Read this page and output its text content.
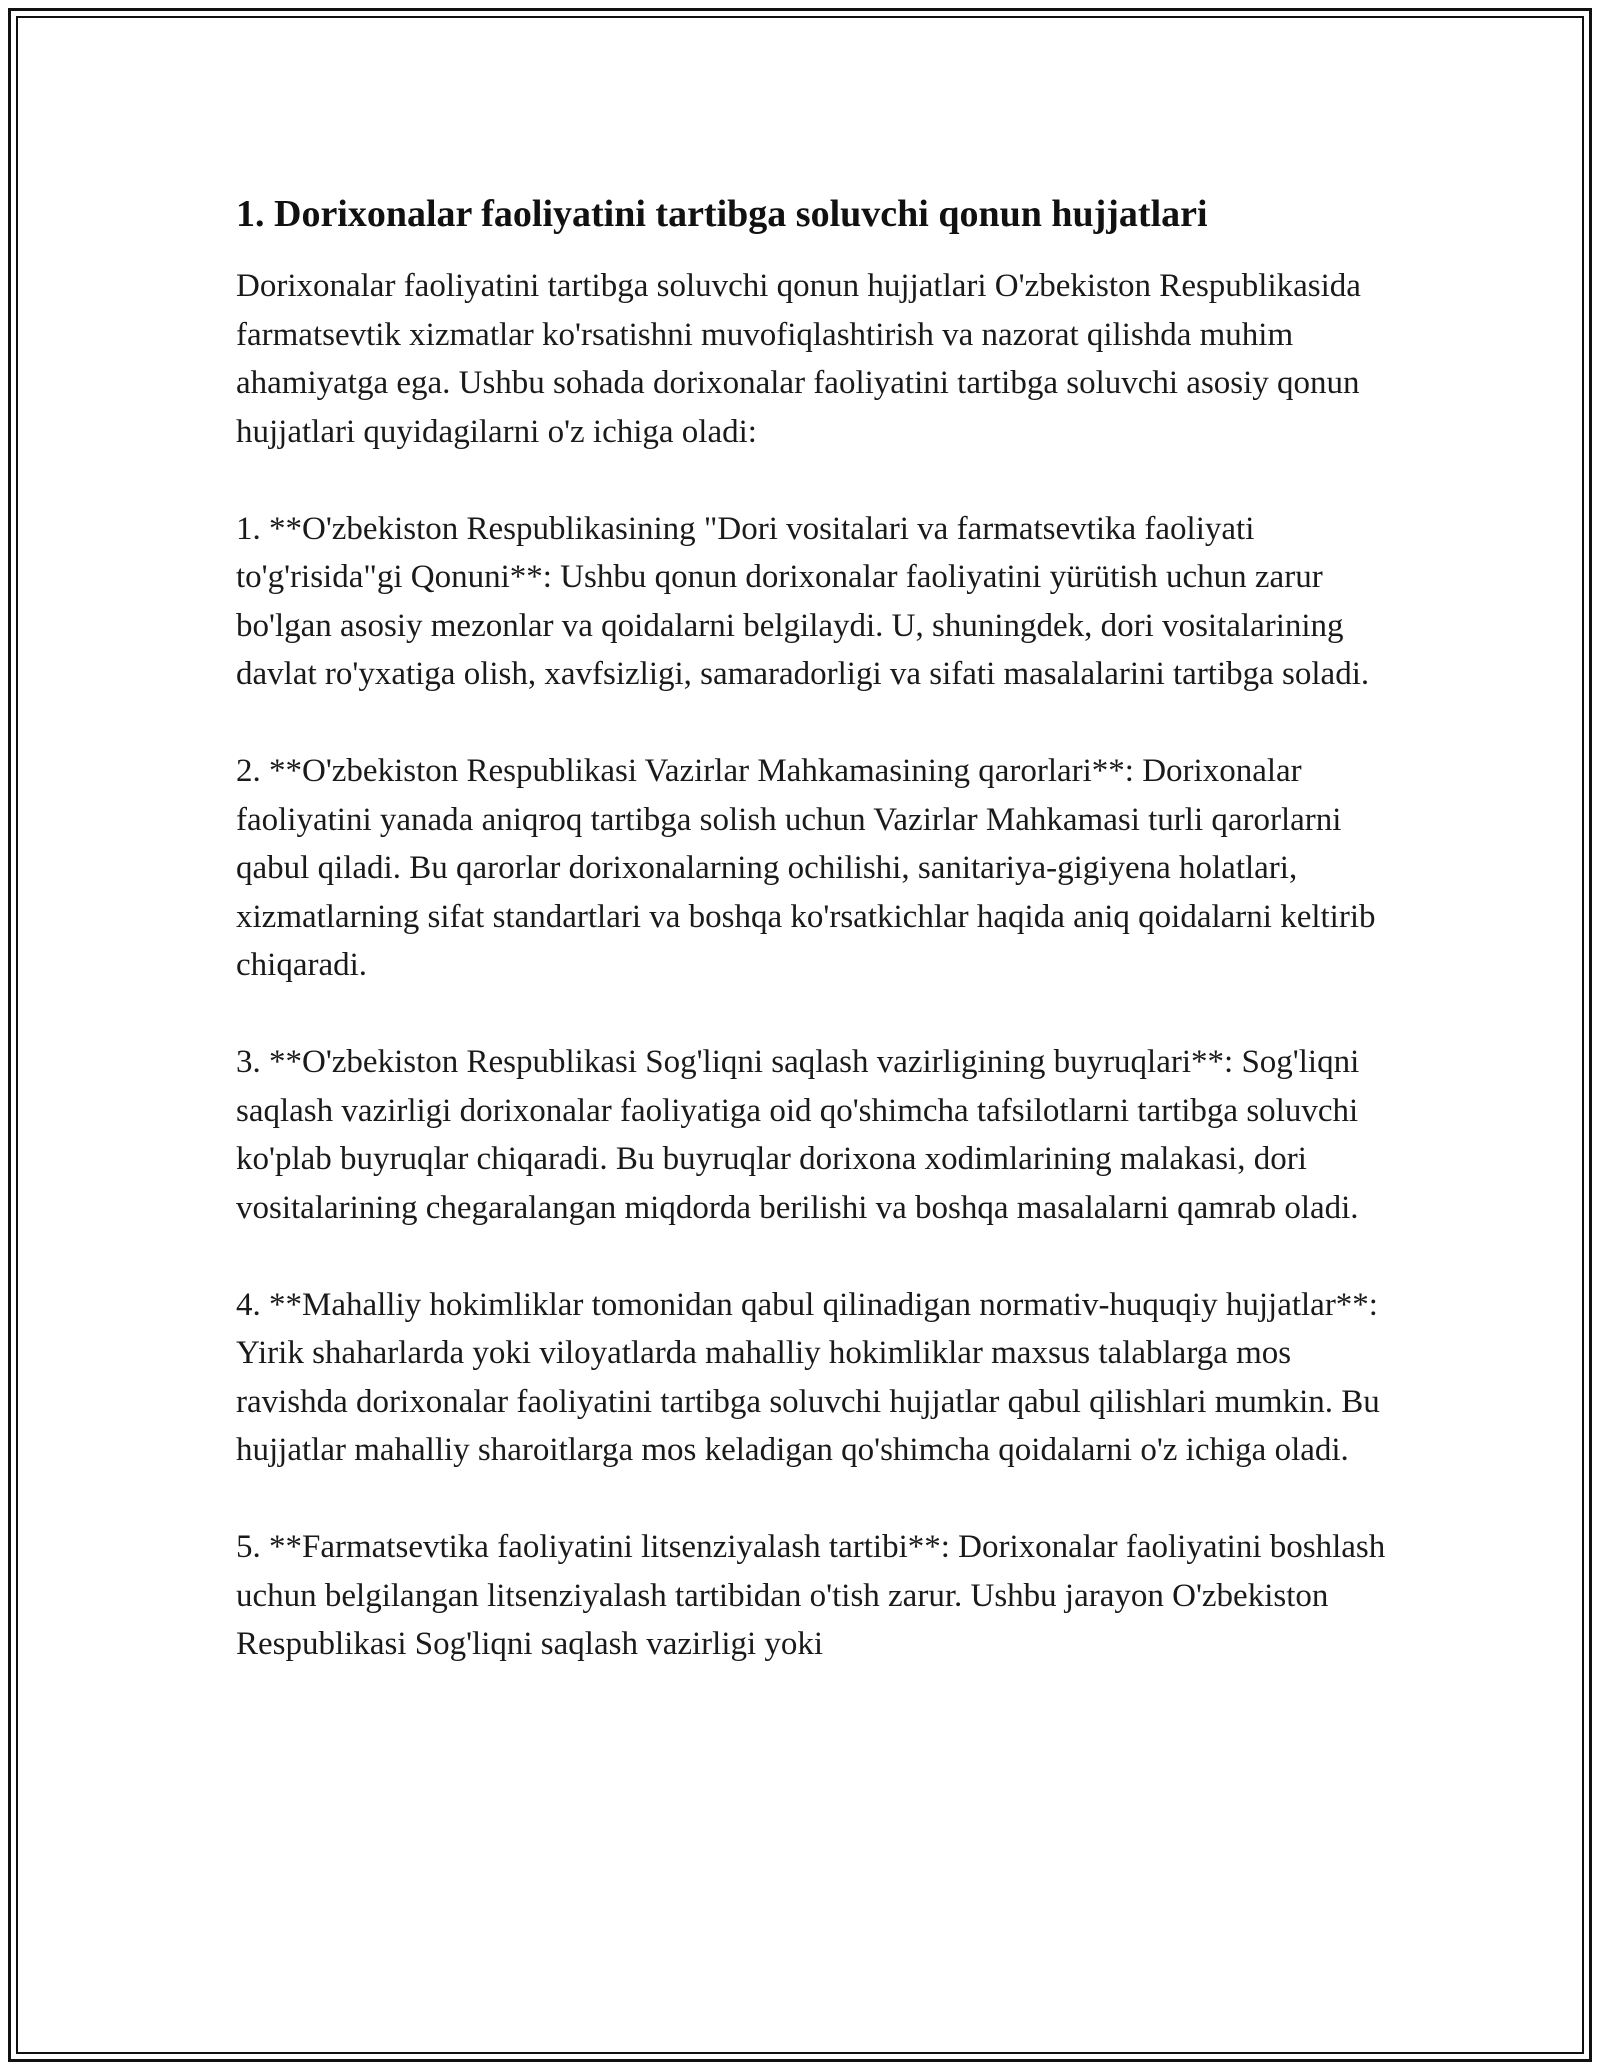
1. Dorixonalar faoliyatini tartibga soluvchi qonun hujjatlari

Dorixonalar faoliyatini tartibga soluvchi qonun hujjatlari O'zbekiston Respublikasida farmatsevtik xizmatlar ko'rsatishni muvofiqlashtirish va nazorat qilishda muhim ahamiyatga ega. Ushbu sohada dorixonalar faoliyatini tartibga soluvchi asosiy qonun hujjatlari quyidagilarni o'z ichiga oladi:

1. **O'zbekiston Respublikasining "Dori vositalari va farmatsevtika faoliyati to'g'risida"gi Qonuni**: Ushbu qonun dorixonalar faoliyatini yürütish uchun zarur bo'lgan asosiy mezonlar va qoidalarni belgilaydi. U, shuningdek, dori vositalarining davlat ro'yxatiga olish, xavfsizligi, samaradorligi va sifati masalalarini tartibga soladi.

2. **O'zbekiston Respublikasi Vazirlar Mahkamasining qarorlari**: Dorixonalar faoliyatini yanada aniqroq tartibga solish uchun Vazirlar Mahkamasi turli qarorlarni qabul qiladi. Bu qarorlar dorixonalarning ochilishi, sanitariya-gigiyena holatlari, xizmatlarning sifat standartlari va boshqa ko'rsatkichlar haqida aniq qoidalarni keltirib chiqaradi.

3. **O'zbekiston Respublikasi Sog'liqni saqlash vazirligining buyruqlari**: Sog'liqni saqlash vazirligi dorixonalar faoliyatiga oid qo'shimcha tafsilotlarni tartibga soluvchi ko'plab buyruqlar chiqaradi. Bu buyruqlar dorixona xodimlarining malakasi, dori vositalarining chegaralangan miqdorda berilishi va boshqa masalalarni qamrab oladi.

4. **Mahalliy hokimliklar tomonidan qabul qilinadigan normativ-huquqiy hujjatlar**: Yirik shaharlarda yoki viloyatlarda mahalliy hokimliklar maxsus talablarga mos ravishda dorixonalar faoliyatini tartibga soluvchi hujjatlar qabul qilishlari mumkin. Bu hujjatlar mahalliy sharoitlarga mos keladigan qo'shimcha qoidalarni o'z ichiga oladi.

5. **Farmatsevtika faoliyatini litsenziyalash tartibi**: Dorixonalar faoliyatini boshlash uchun belgilangan litsenziyalash tartibidan o'tish zarur. Ushbu jarayon O'zbekiston Respublikasi Sog'liqni saqlash vazirligi yoki
